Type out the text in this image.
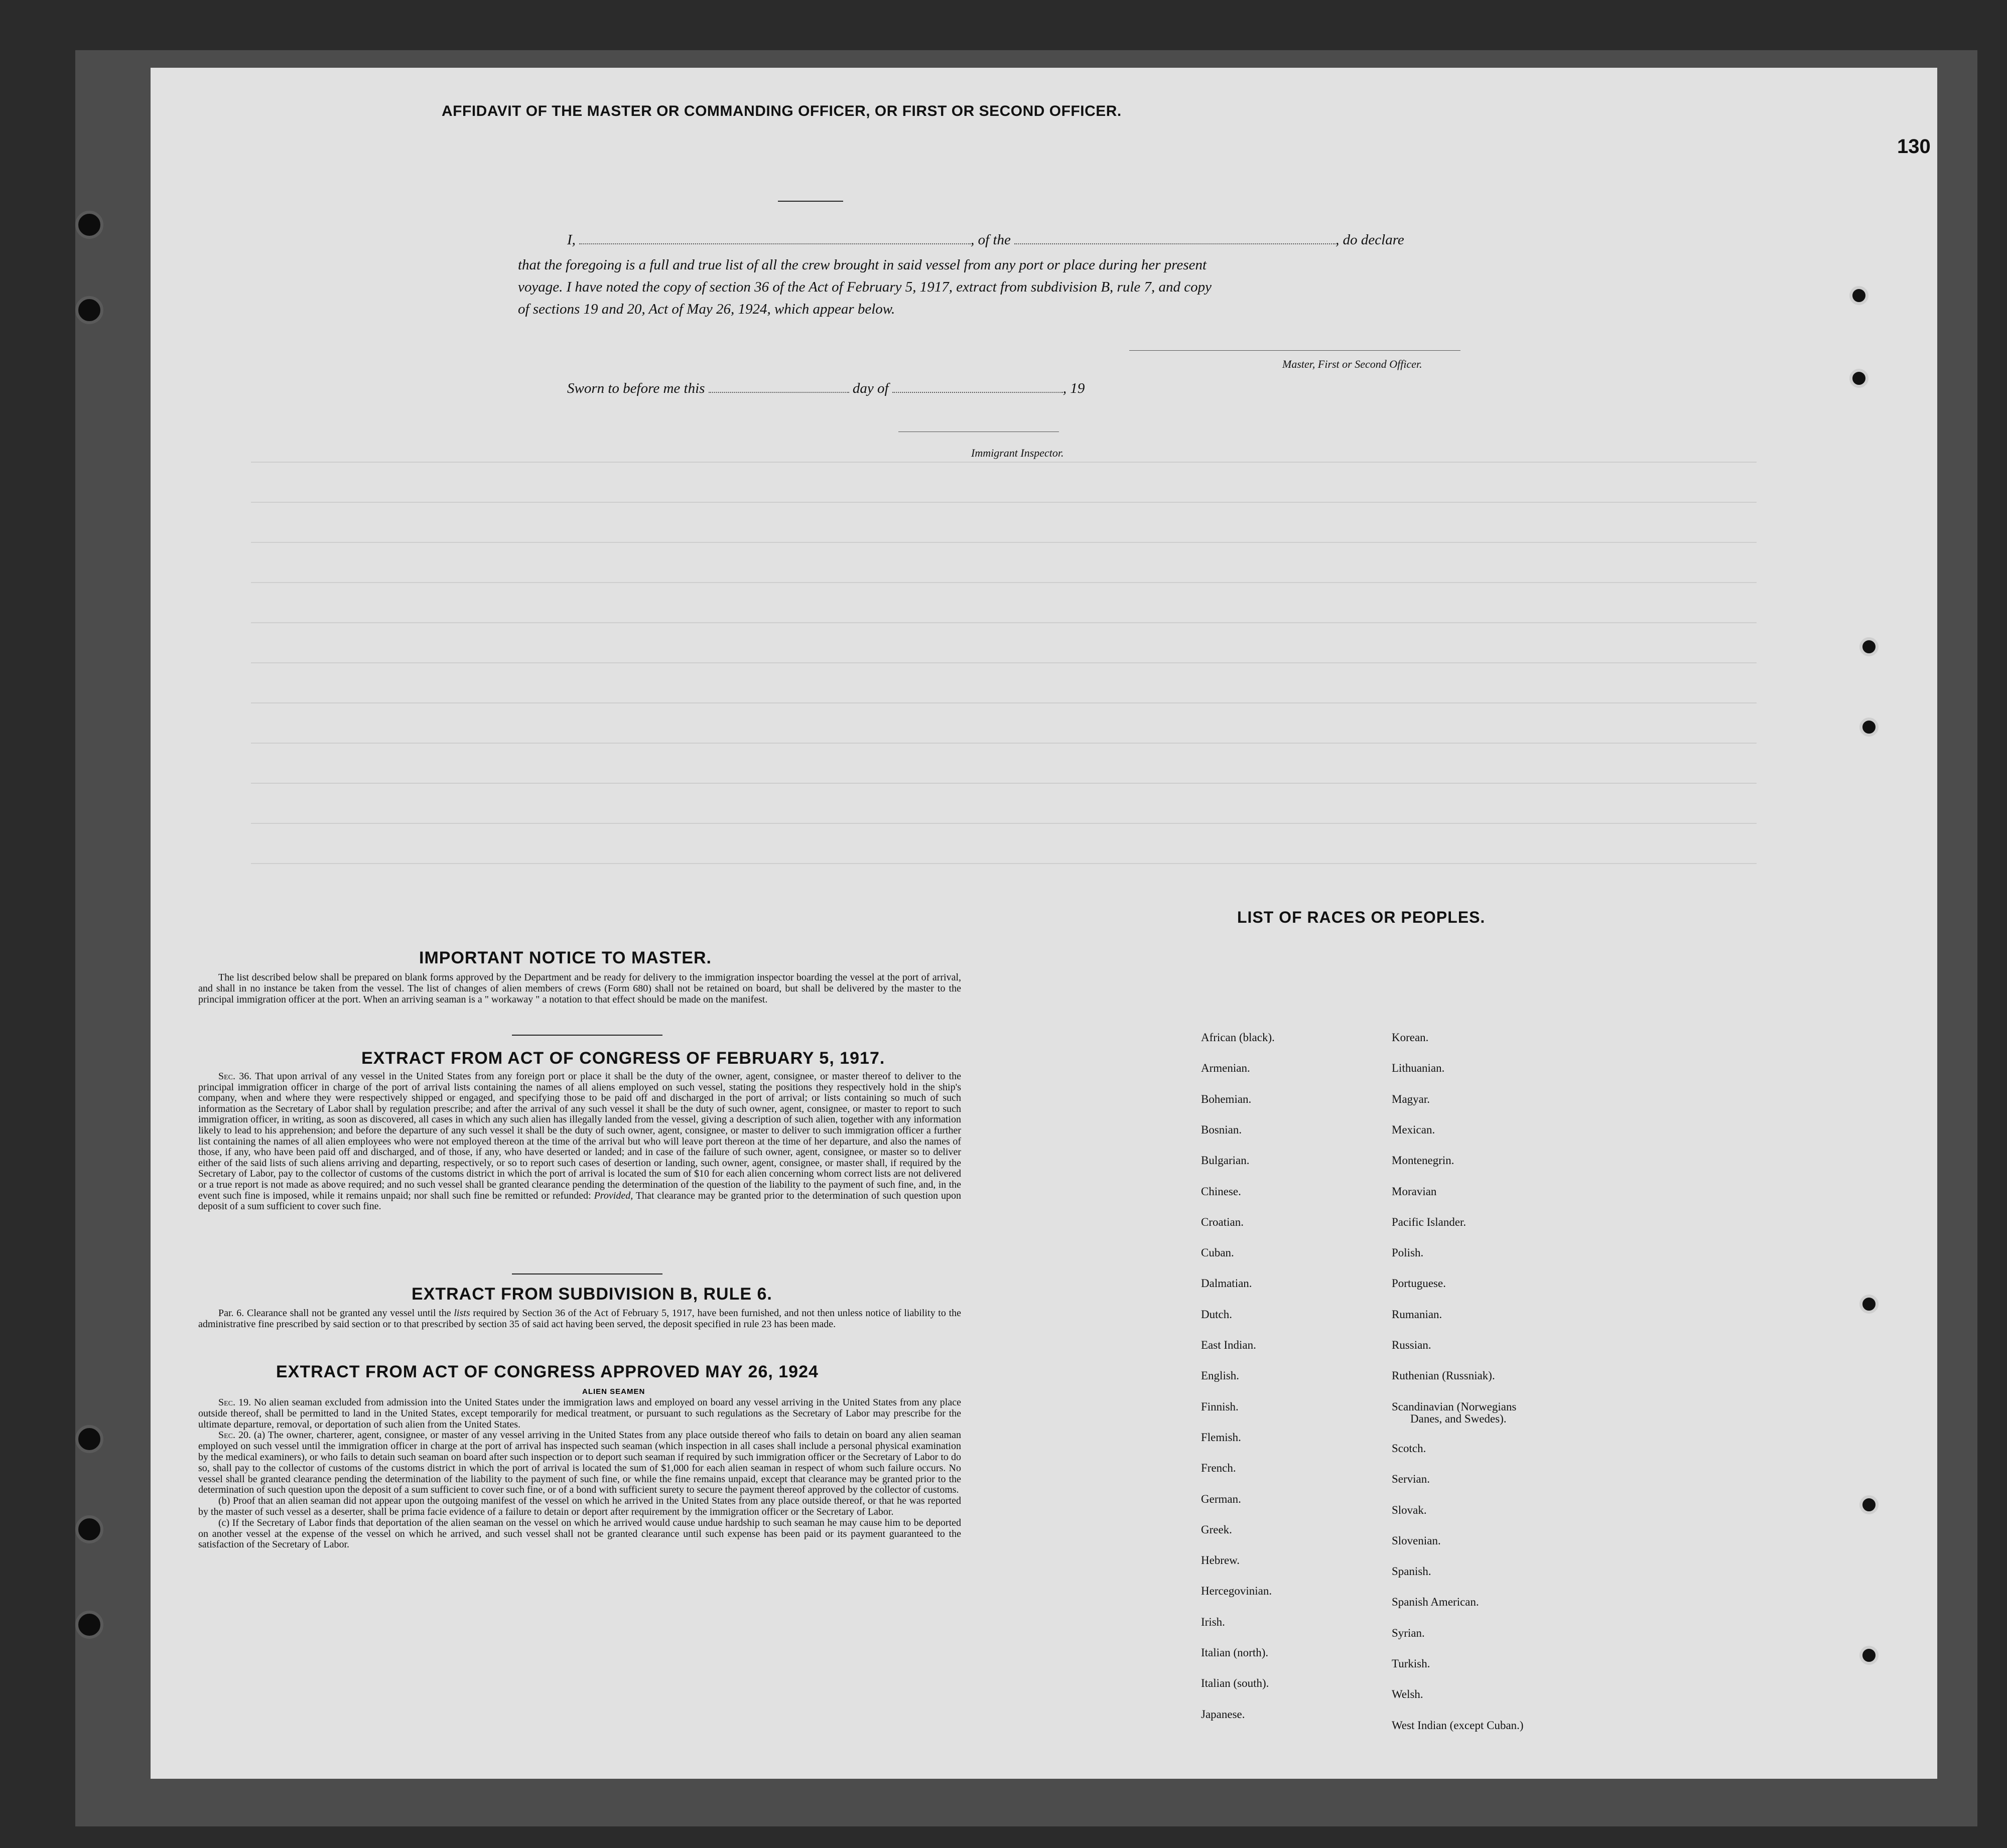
130
AFFIDAVIT OF THE MASTER OR COMMANDING OFFICER, OR FIRST OR SECOND OFFICER.
I,	, of the	, do declare
that the foregoing is a full and true list of all the crew brought in said vessel from any port or place during her present
voyage. I have noted the copy of section 36 of the Act of February 5, 1917, extract from subdivision B, rule 7, and copy
of sections 19 and 20, Act of May 26, 1924, which appear below.
Master, First or Second Officer.
Sworn to before me this	day of	, 19
Immigrant Inspector.
IMPORTANT NOTICE TO MASTER.

The list described below shall be prepared on blank forms approved by the Department and be ready for delivery to the immigration inspector boarding the vessel at the port of arrival, and shall in no instance be taken from the vessel. The list of changes of alien members of crews (Form 680) shall not be retained on board, but shall be delivered by the master to the principal immigration officer at the port. When an arriving seaman is a " workaway " a notation to that effect should be made on the manifest.

EXTRACT FROM ACT OF CONGRESS OF FEBRUARY 5, 1917.

Sec. 36. That upon arrival of any vessel in the United States from any foreign port or place it shall be the duty of the owner, agent, consignee, or master thereof to deliver to the principal immigration officer in charge of the port of arrival lists containing the names of all aliens employed on such vessel, stating the positions they respectively hold in the ship's company, when and where they were respectively shipped or engaged, and specifying those to be paid off and discharged in the port of arrival; or lists containing so much of such information as the Secretary of Labor shall by regulation prescribe; and after the arrival of any such vessel it shall be the duty of such owner, agent, consignee, or master to report to such immigration officer, in writing, as soon as discovered, all cases in which any such alien has illegally landed from the vessel, giving a description of such alien, together with any information likely to lead to his apprehension; and before the departure of any such vessel it shall be the duty of such owner, agent, consignee, or master to deliver to such immigration officer a further list containing the names of all alien employees who were not employed thereon at the time of the arrival but who will leave port thereon at the time of her departure, and also the names of those, if any, who have been paid off and discharged, and of those, if any, who have deserted or landed; and in case of the failure of such owner, agent, consignee, or master so to deliver either of the said lists of such aliens arriving and departing, respectively, or so to report such cases of desertion or landing, such owner, agent, consignee, or master shall, if required by the Secretary of Labor, pay to the collector of customs of the customs district in which the port of arrival is located the sum of $10 for each alien concerning whom correct lists are not delivered or a true report is not made as above required; and no such vessel shall be granted clearance pending the determination of the question of the liability to the payment of such fine, and, in the event such fine is imposed, while it remains unpaid; nor shall such fine be remitted or refunded: Provided, That clearance may be granted prior to the determination of such question upon deposit of a sum sufficient to cover such fine.

EXTRACT FROM SUBDIVISION B, RULE 6.

Par. 6. Clearance shall not be granted any vessel until the lists required by Section 36 of the Act of February 5, 1917, have been furnished, and not then unless notice of liability to the administrative fine prescribed by said section or to that prescribed by section 35 of said act having been served, the deposit specified in rule 23 has been made.

EXTRACT FROM ACT OF CONGRESS APPROVED MAY 26, 1924
ALIEN SEAMEN

Sec. 19. No alien seaman excluded from admission into the United States under the immigration laws and employed on board any vessel arriving in the United States from any place outside thereof, shall be permitted to land in the United States, except temporarily for medical treatment, or pursuant to such regulations as the Secretary of Labor may prescribe for the ultimate departure, removal, or deportation of such alien from the United States.

Sec. 20. (a) The owner, charterer, agent, consignee, or master of any vessel arriving in the United States from any place outside thereof who fails to detain on board any alien seaman employed on such vessel until the immigration officer in charge at the port of arrival has inspected such seaman (which inspection in all cases shall include a personal physical examination by the medical examiners), or who fails to detain such seaman on board after such inspection or to deport such seaman if required by such immigration officer or the Secretary of Labor to do so, shall pay to the collector of customs of the customs district in which the port of arrival is located the sum of $1,000 for each alien seaman in respect of whom such failure occurs. No vessel shall be granted clearance pending the determination of the liability to the payment of such fine, or while the fine remains unpaid, except that clearance may be granted prior to the determination of such question upon the deposit of a sum sufficient to cover such fine, or of a bond with sufficient surety to secure the payment thereof approved by the collector of customs.

(b) Proof that an alien seaman did not appear upon the outgoing manifest of the vessel on which he arrived in the United States from any place outside thereof, or that he was reported by the master of such vessel as a deserter, shall be prima facie evidence of a failure to detain or deport after requirement by the immigration officer or the Secretary of Labor.

(c) If the Secretary of Labor finds that deportation of the alien seaman on the vessel on which he arrived would cause undue hardship to such seaman he may cause him to be deported on another vessel at the expense of the vessel on which he arrived, and such vessel shall not be granted clearance until such expense has been paid or its payment guaranteed to the satisfaction of the Secretary of Labor.

LIST OF RACES OR PEOPLES.
African (black).
Armenian.
Bohemian.
Bosnian.
Bulgarian.
Chinese.
Croatian.
Cuban.
Dalmatian.
Dutch.
East Indian.
English.
Finnish.
Flemish.
French.
German.
Greek.
Hebrew.
Hercegovinian.
Irish.
Italian (north).
Italian (south).
Japanese.
Korean.
Lithuanian.
Magyar.
Mexican.
Montenegrin.
Moravian
Pacific Islander.
Polish.
Portuguese.
Rumanian.
Russian.
Ruthenian (Russniak).
Scandinavian (Norwegians
Scotch.
Servian.
Slovak.
Slovenian.
Spanish.
Spanish American.
Syrian.
Turkish.
Welsh.
West Indian (except Cuban.)
Danes, and Swedes).
